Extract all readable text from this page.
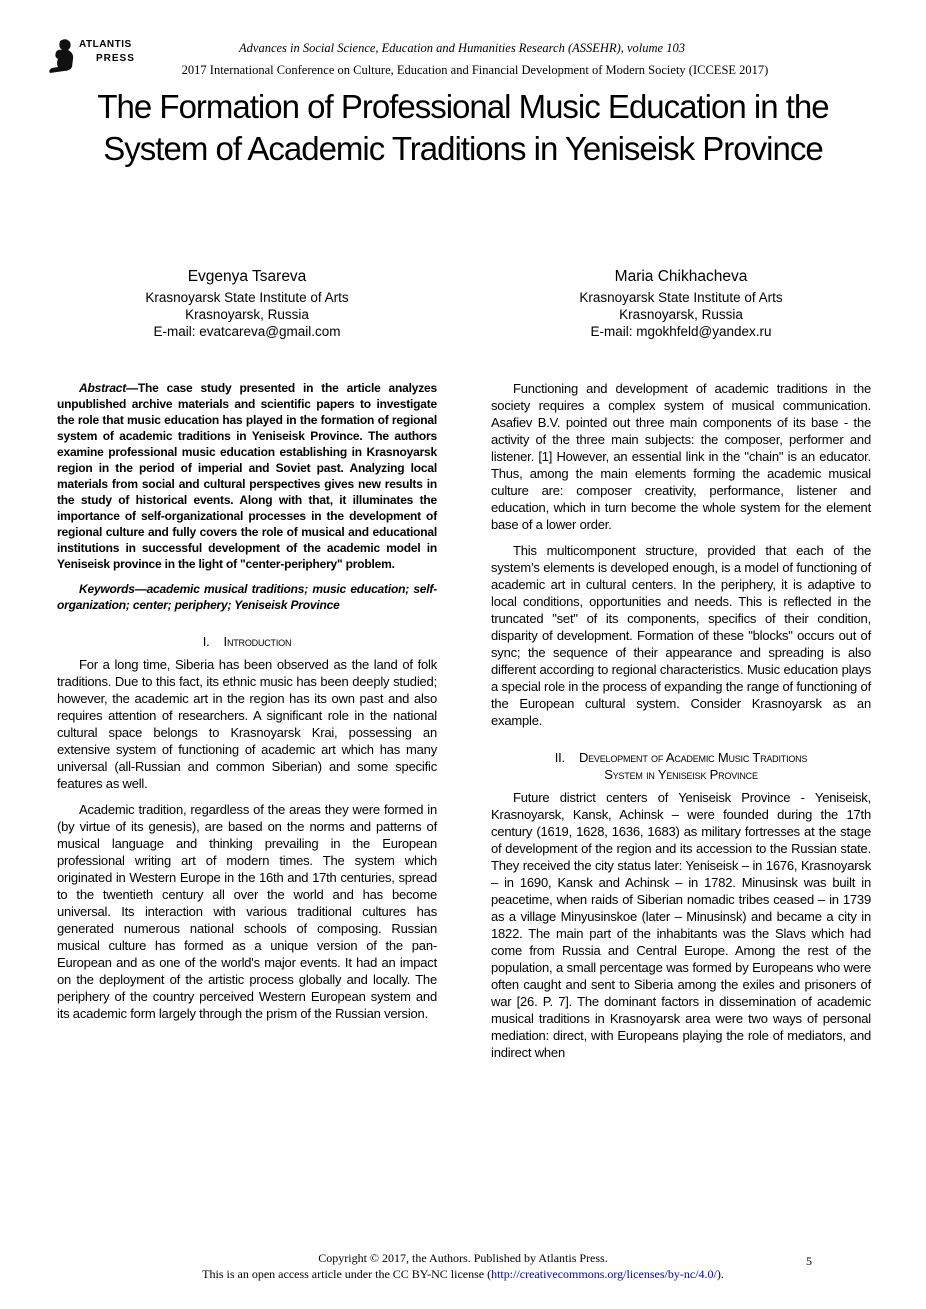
ATLANTIS
PRESS
Advances in Social Science, Education and Humanities Research (ASSEHR), volume 103
2017 International Conference on Culture, Education and Financial Development of Modern Society (ICCESE 2017)
The Formation of Professional Music Education in the System of Academic Traditions in Yeniseisk Province
Evgenya Tsareva
Krasnoyarsk State Institute of Arts
Krasnoyarsk, Russia
E-mail: evatcareva@gmail.com
Maria Chikhacheva
Krasnoyarsk State Institute of Arts
Krasnoyarsk, Russia
E-mail: mgokhfeld@yandex.ru

Abstract—The case study presented in the article analyzes unpublished archive materials and scientific papers to investigate the role that music education has played in the formation of regional system of academic traditions in Yeniseisk Province. The authors examine professional music education establishing in Krasnoyarsk region in the period of imperial and Soviet past. Analyzing local materials from social and cultural perspectives gives new results in the study of historical events. Along with that, it illuminates the importance of self-organizational processes in the development of regional culture and fully covers the role of musical and educational institutions in successful development of the academic model in Yeniseisk province in the light of "center-periphery" problem.

Keywords—academic musical traditions; music education; self-organization; center; periphery; Yeniseisk Province

I. Introduction

For a long time, Siberia has been observed as the land of folk traditions. Due to this fact, its ethnic music has been deeply studied; however, the academic art in the region has its own past and also requires attention of researchers. A significant role in the national cultural space belongs to Krasnoyarsk Krai, possessing an extensive system of functioning of academic art which has many universal (all-Russian and common Siberian) and some specific features as well.

Academic tradition, regardless of the areas they were formed in (by virtue of its genesis), are based on the norms and patterns of musical language and thinking prevailing in the European professional writing art of modern times. The system which originated in Western Europe in the 16th and 17th centuries, spread to the twentieth century all over the world and has become universal. Its interaction with various traditional cultures has generated numerous national schools of composing. Russian musical culture has formed as a unique version of the pan-European and as one of the world's major events. It had an impact on the deployment of the artistic process globally and locally. The periphery of the country perceived Western European system and its academic form largely through the prism of the Russian version.

Functioning and development of academic traditions in the society requires a complex system of musical communication. Asafiev B.V. pointed out three main components of its base - the activity of the three main subjects: the composer, performer and listener. [1] However, an essential link in the "chain" is an educator. Thus, among the main elements forming the academic musical culture are: composer creativity, performance, listener and education, which in turn become the whole system for the element base of a lower order.

This multicomponent structure, provided that each of the system’s elements is developed enough, is a model of functioning of academic art in cultural centers. In the periphery, it is adaptive to local conditions, opportunities and needs. This is reflected in the truncated "set" of its components, specifics of their condition, disparity of development. Formation of these "blocks" occurs out of sync; the sequence of their appearance and spreading is also different according to regional characteristics. Music education plays a special role in the process of expanding the range of functioning of the European cultural system. Consider Krasnoyarsk as an example.

II. Development of Academic Music Traditions
System in Yeniseisk Province

Future district centers of Yeniseisk Province - Yeniseisk, Krasnoyarsk, Kansk, Achinsk – were founded during the 17th century (1619, 1628, 1636, 1683) as military fortresses at the stage of development of the region and its accession to the Russian state. They received the city status later: Yeniseisk – in 1676, Krasnoyarsk – in 1690, Kansk and Achinsk – in 1782. Minusinsk was built in peacetime, when raids of Siberian nomadic tribes ceased – in 1739 as a village Minyusinskoe (later – Minusinsk) and became a city in 1822. The main part of the inhabitants was the Slavs which had come from Russia and Central Europe. Among the rest of the population, a small percentage was formed by Europeans who were often caught and sent to Siberia among the exiles and prisoners of war [26. P. 7]. The dominant factors in dissemination of academic musical traditions in Krasnoyarsk area were two ways of personal mediation: direct, with Europeans playing the role of mediators, and indirect when

Copyright © 2017, the Authors. Published by Atlantis Press.
This is an open access article under the CC BY-NC license (http://creativecommons.org/licenses/by-nc/4.0/).
5
